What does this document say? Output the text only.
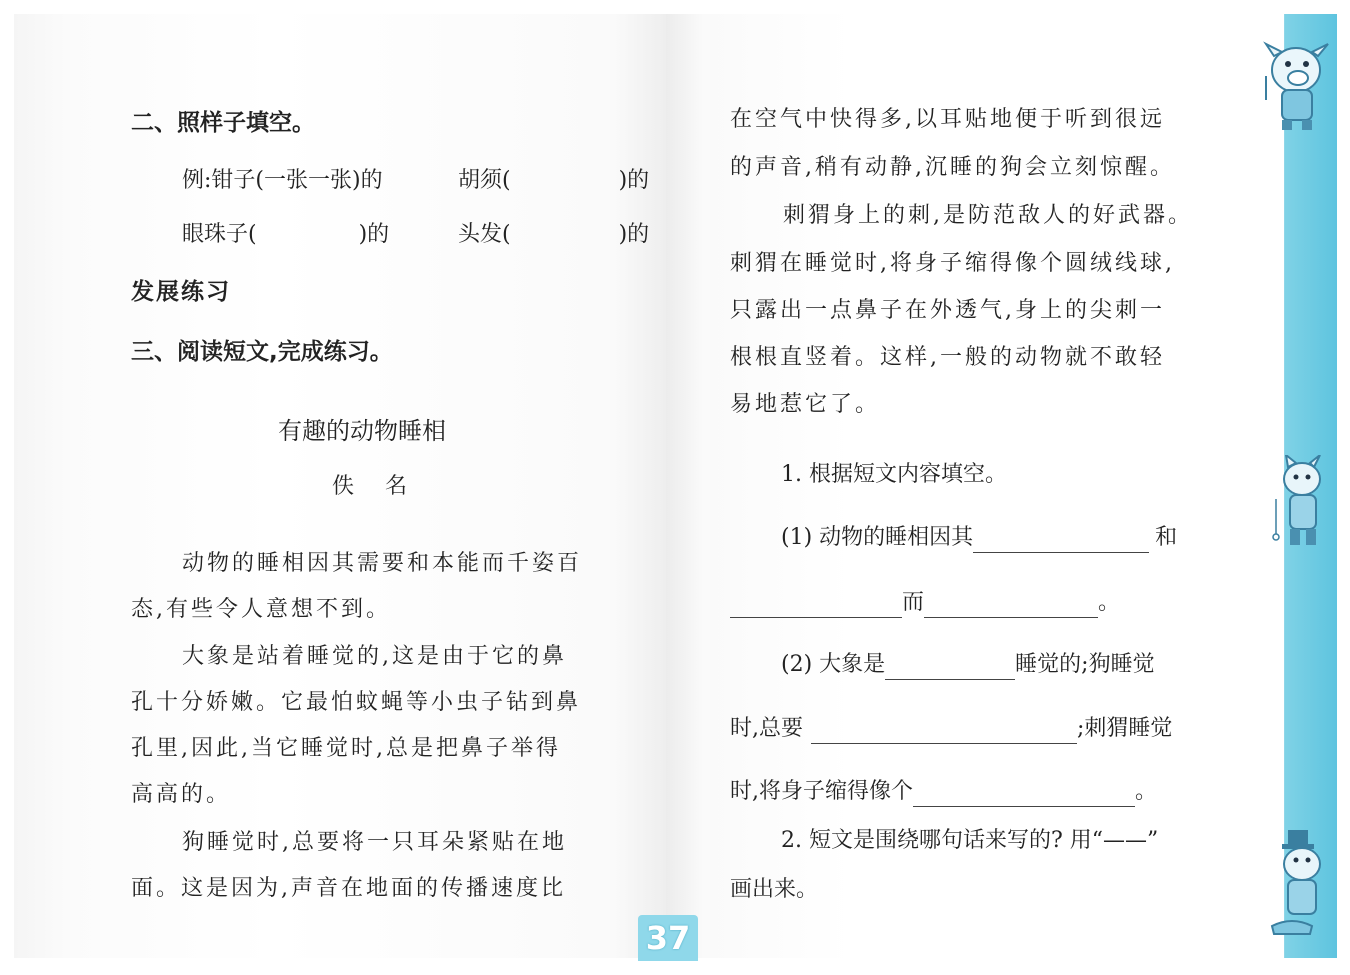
二、照样子填空。
例:钳子(一张一张)的	胡须(	)的
眼珠子(	)的	头发(	)的
发展练习
三、阅读短文,完成练习。
有趣的动物睡相
佚 名
动物的睡相因其需要和本能而千姿百
态,有些令人意想不到。
大象是站着睡觉的,这是由于它的鼻
孔十分娇嫩。它最怕蚊蝇等小虫子钻到鼻
孔里,因此,当它睡觉时,总是把鼻子举得
高高的。
狗睡觉时,总要将一只耳朵紧贴在地
面。这是因为,声音在地面的传播速度比
在空气中快得多,以耳贴地便于听到很远
的声音,稍有动静,沉睡的狗会立刻惊醒。
刺猬身上的刺,是防范敌人的好武器。
刺猬在睡觉时,将身子缩得像个圆绒线球,
只露出一点鼻子在外透气,身上的尖刺一
根根直竖着。这样,一般的动物就不敢轻
易地惹它了。
1. 根据短文内容填空。
(1) 动物的睡相因其	和
而	。
(2) 大象是	睡觉的;狗睡觉
时,总要	;刺猬睡觉
时,将身子缩得像个	。
2. 短文是围绕哪句话来写的? 用“——”
画出来。
37
